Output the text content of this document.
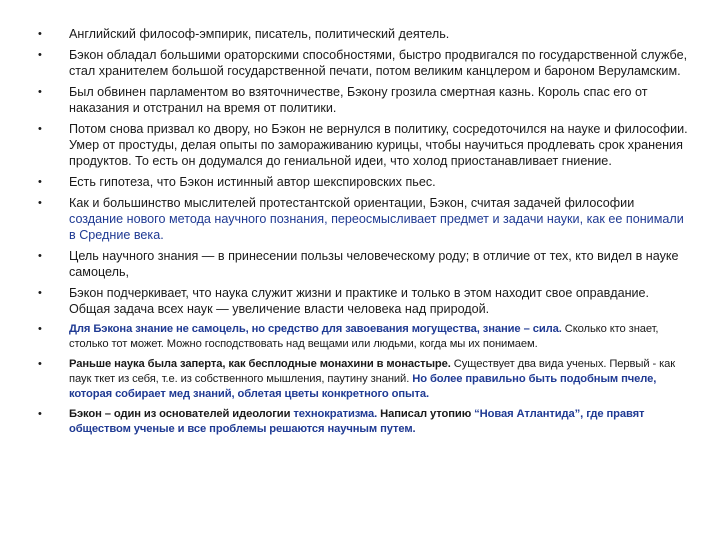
• Английский философ-эмпирик, писатель, политический деятель.
• Бэкон обладал большими ораторскими способностями, быстро продвигался по государственной службе, стал хранителем большой государственной печати, потом великим канцлером и бароном Веруламским.
• Был обвинен парламентом во взяточничестве, Бэкону грозила смертная казнь. Король спас его от наказания и отстранил на время от политики.
• Потом снова призвал ко двору, но Бэкон не вернулся в политику, сосредоточился на науке и философии. Умер от простуды, делая опыты по замораживанию курицы, чтобы научиться продлевать срок хранения продуктов. То есть он додумался до гениальной идеи, что холод приостанавливает гниение.
• Есть гипотеза, что Бэкон истинный автор шекспировских пьес.
• Как и большинство мыслителей протестантской ориентации, Бэкон, считая задачей философии создание нового метода научного познания, переосмысливает предмет и задачи науки, как ее понимали в Средние века.
• Цель научного знания — в принесении пользы человеческому роду; в отличие от тех, кто видел в науке самоцель,
• Бэкон подчеркивает, что наука служит жизни и практике и только в этом находит свое оправдание. Общая задача всех наук — увеличение власти человека над природой.
• Для Бэкона знание не самоцель, но средство для завоевания могущества, знание – сила. Сколько кто знает, столько тот может. Можно господствовать над вещами или людьми, когда мы их понимаем.
• Раньше наука была заперта, как бесплодные монахини в монастыре. Существует два вида ученых. Первый - как паук ткет из себя, т.е. из собственного мышления, паутину знаний. Но более правильно быть подобным пчеле, которая собирает мед знаний, облетая цветы конкретного опыта.
• Бэкон – один из основателей идеологии технократизма. Написал утопию “Новая Атлантида”, где правят обществом ученые и все проблемы решаются научным путем.
